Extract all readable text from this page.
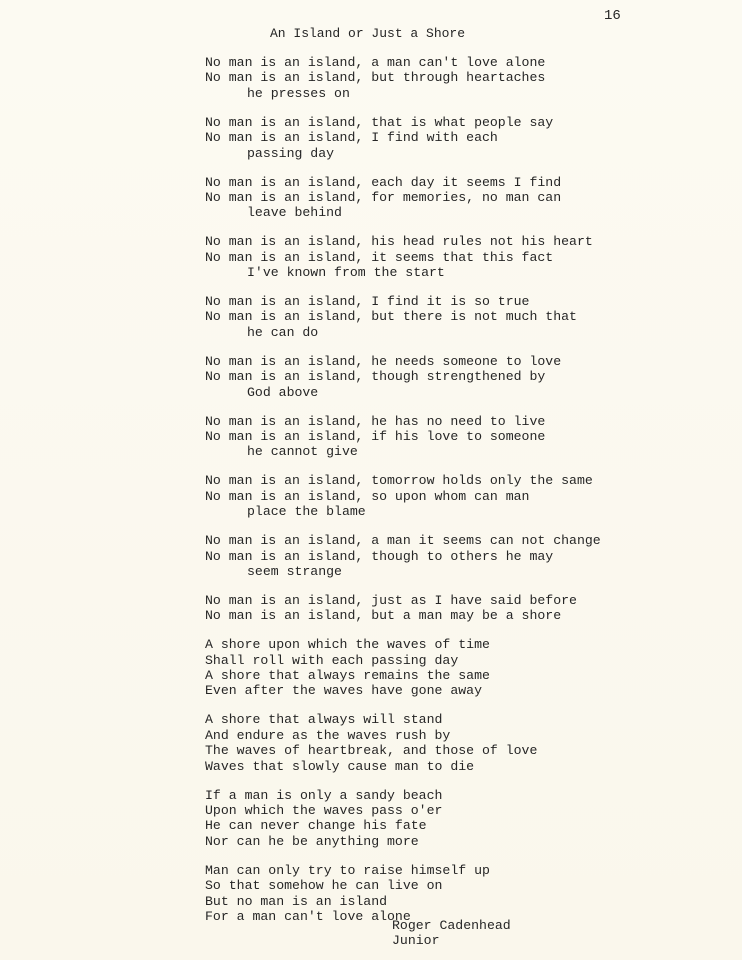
16
An Island or Just a Shore
No man is an island, a man can't love alone
No man is an island, but through heartaches
he presses on
No man is an island, that is what people say
No man is an island, I find with each
passing day
No man is an island, each day it seems I find
No man is an island, for memories, no man can
leave behind
No man is an island, his head rules not his heart
No man is an island, it seems that this fact
I've known from the start
No man is an island, I find it is so true
No man is an island, but there is not much that
he can do
No man is an island, he needs someone to love
No man is an island, though strengthened by
God above
No man is an island, he has no need to live
No man is an island, if his love to someone
he cannot give
No man is an island, tomorrow holds only the same
No man is an island, so upon whom can man
place the blame
No man is an island, a man it seems can not change
No man is an island, though to others he may
seem strange
No man is an island, just as I have said before
No man is an island, but a man may be a shore
A shore upon which the waves of time
Shall roll with each passing day
A shore that always remains the same
Even after the waves have gone away
A shore that always will stand
And endure as the waves rush by
The waves of heartbreak, and those of love
Waves that slowly cause man to die
If a man is only a sandy beach
Upon which the waves pass o'er
He can never change his fate
Nor can he be anything more
Man can only try to raise himself up
So that somehow he can live on
But no man is an island
For a man can't love alone
Roger Cadenhead
Junior
